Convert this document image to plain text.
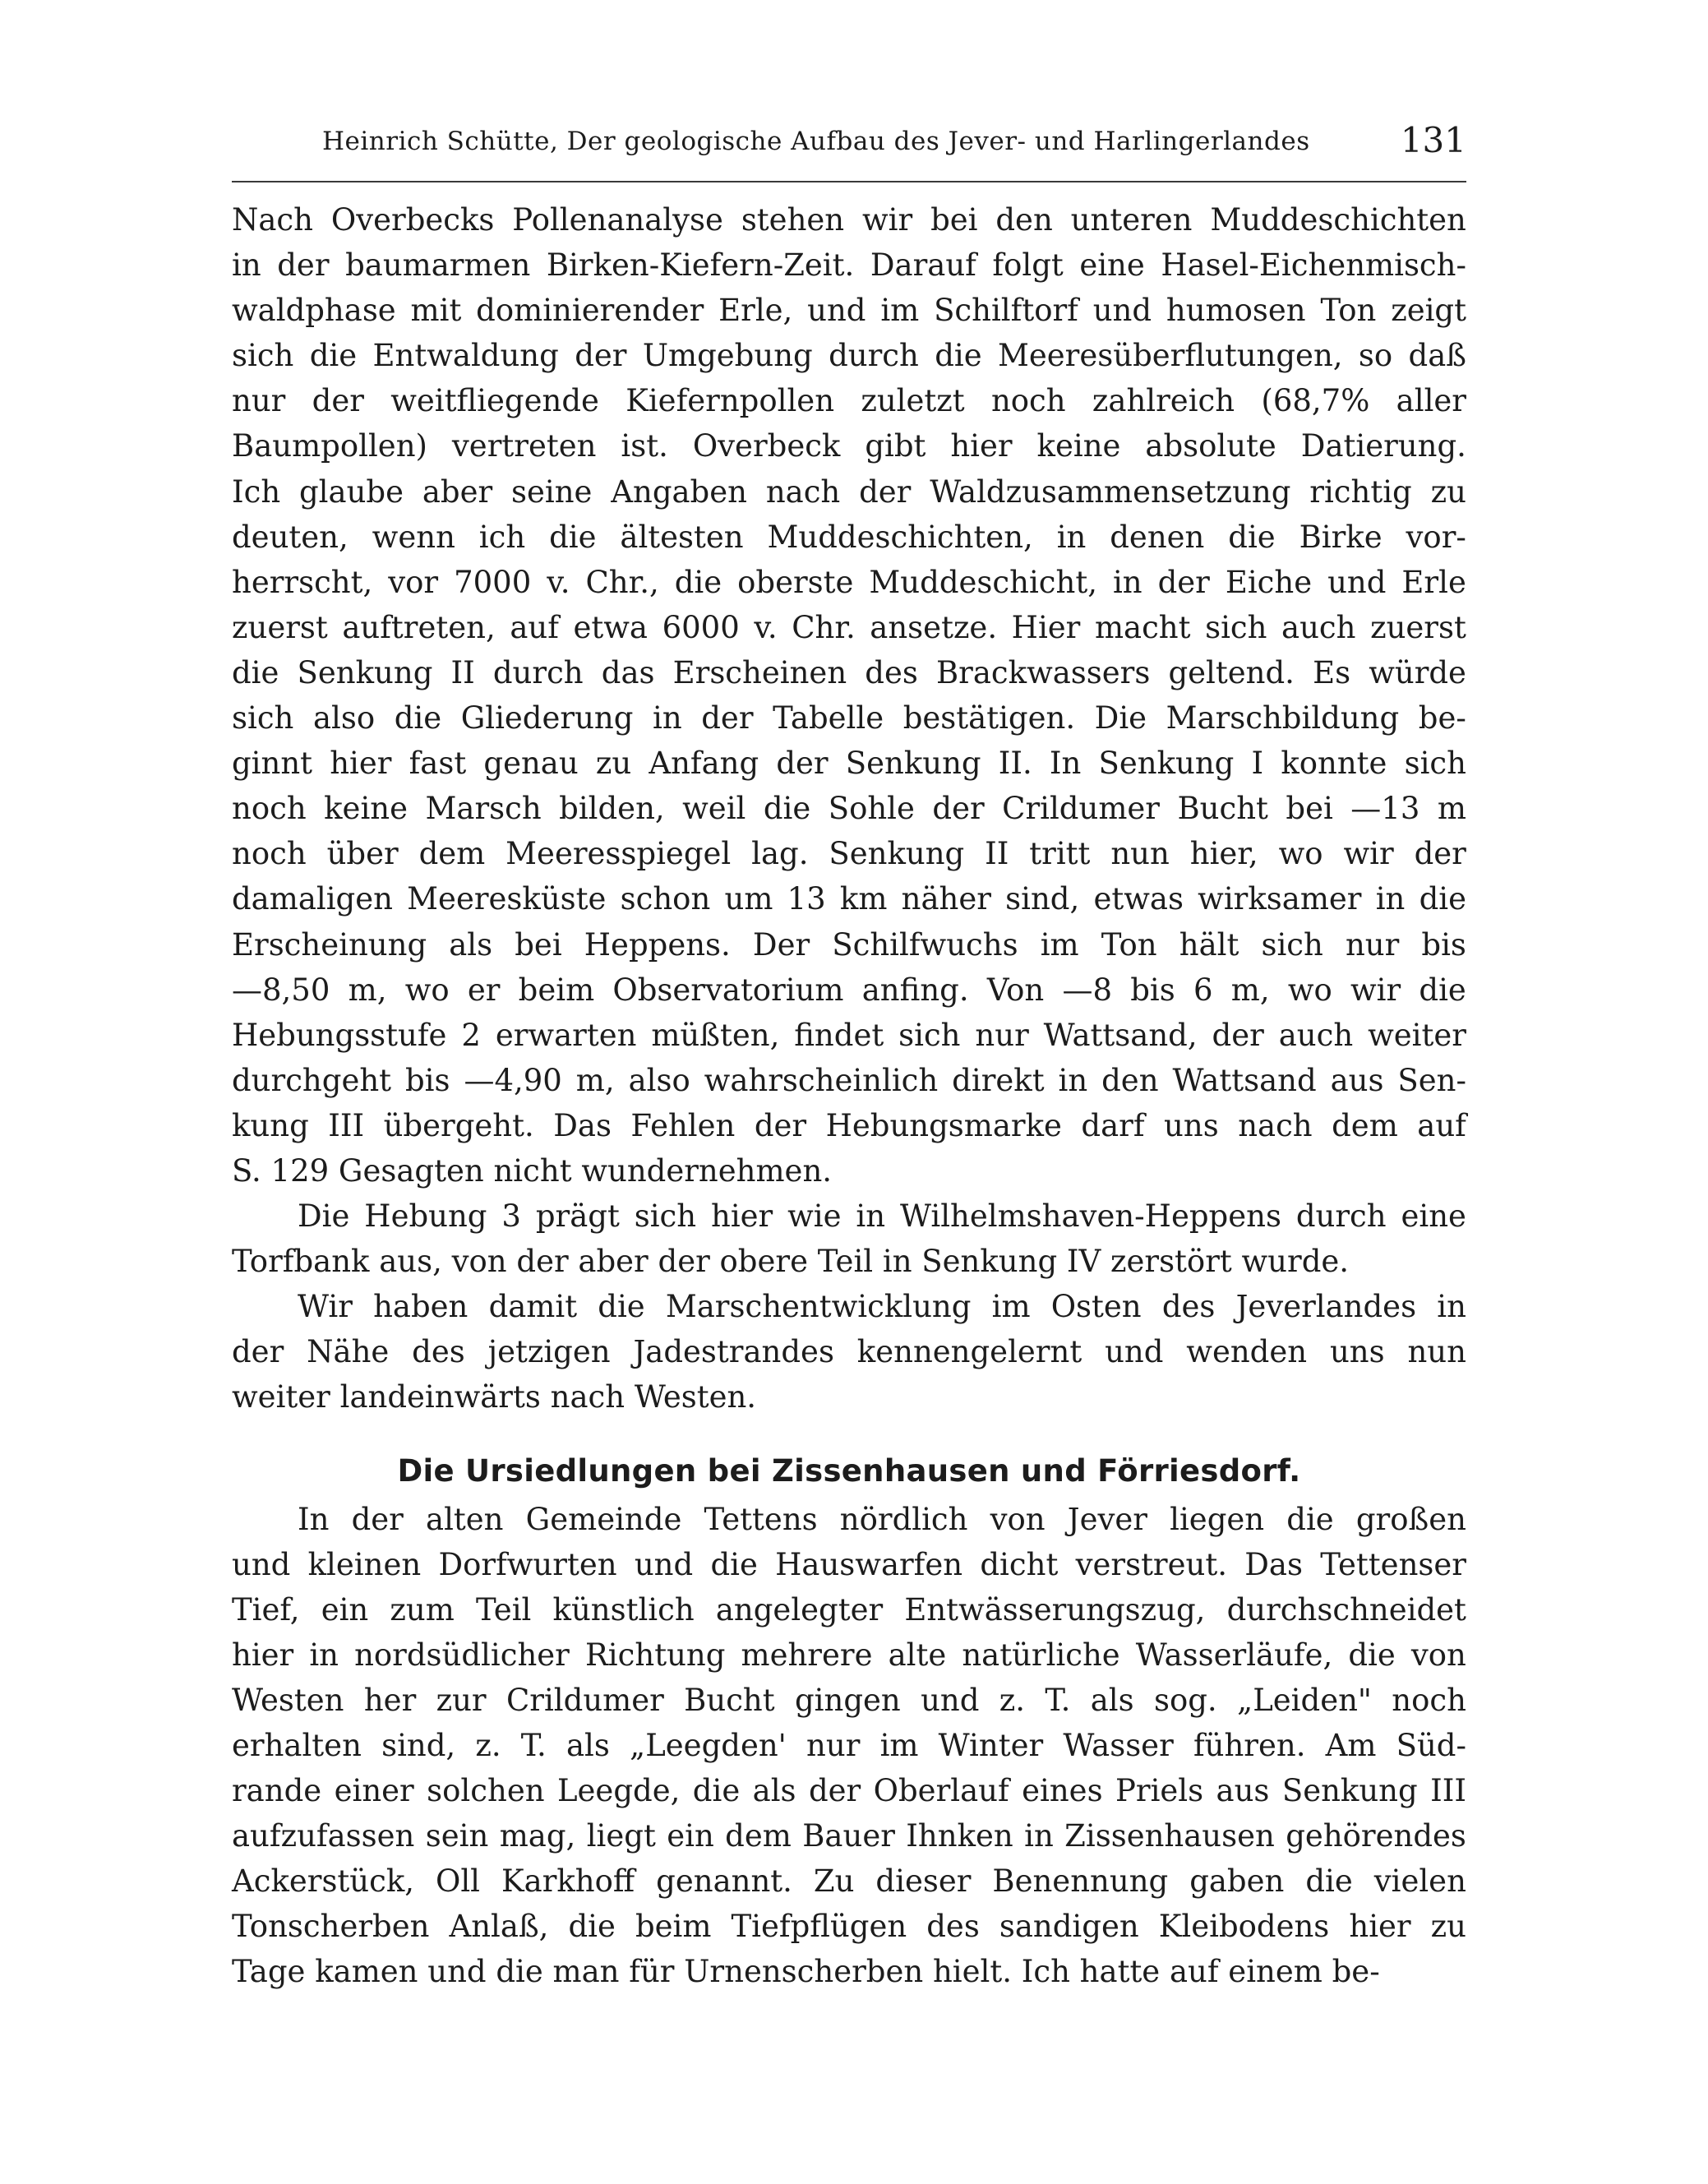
Heinrich Schütte, Der geologische Aufbau des Jever- und Harlingerlandes	131
Nach Overbecks Pollenanalyse stehen wir bei den unteren Muddeschichten
in der baumarmen Birken-Kiefern-Zeit. Darauf folgt eine Hasel-Eichenmisch-
waldphase mit dominierender Erle, und im Schilftorf und humosen Ton zeigt
sich die Entwaldung der Umgebung durch die Meeresüberflutungen, so daß
nur der weitfliegende Kiefernpollen zuletzt noch zahlreich (68,7% aller
Baumpollen) vertreten ist. Overbeck gibt hier keine absolute Datierung.
Ich glaube aber seine Angaben nach der Waldzusammensetzung richtig zu
deuten, wenn ich die ältesten Muddeschichten, in denen die Birke vor-
herrscht, vor 7000 v. Chr., die oberste Muddeschicht, in der Eiche und Erle
zuerst auftreten, auf etwa 6000 v. Chr. ansetze. Hier macht sich auch zuerst
die Senkung II durch das Erscheinen des Brackwassers geltend. Es würde
sich also die Gliederung in der Tabelle bestätigen. Die Marschbildung be-
ginnt hier fast genau zu Anfang der Senkung II. In Senkung I konnte sich
noch keine Marsch bilden, weil die Sohle der Crildumer Bucht bei —13 m
noch über dem Meeresspiegel lag. Senkung II tritt nun hier, wo wir der
damaligen Meeresküste schon um 13 km näher sind, etwas wirksamer in die
Erscheinung als bei Heppens. Der Schilfwuchs im Ton hält sich nur bis
—8,50 m, wo er beim Observatorium anfing. Von —8 bis 6 m, wo wir die
Hebungsstufe 2 erwarten müßten, findet sich nur Wattsand, der auch weiter
durchgeht bis —4,90 m, also wahrscheinlich direkt in den Wattsand aus Sen-
kung III übergeht. Das Fehlen der Hebungsmarke darf uns nach dem auf
S. 129 Gesagten nicht wundernehmen.
Die Hebung 3 prägt sich hier wie in Wilhelmshaven-Heppens durch eine
Torfbank aus, von der aber der obere Teil in Senkung IV zerstört wurde.
Wir haben damit die Marschentwicklung im Osten des Jeverlandes in
der Nähe des jetzigen Jadestrandes kennengelernt und wenden uns nun
weiter landeinwärts nach Westen.
Die Ursiedlungen bei Zissenhausen und Förriesdorf.
In der alten Gemeinde Tettens nördlich von Jever liegen die großen
und kleinen Dorfwurten und die Hauswarfen dicht verstreut. Das Tettenser
Tief, ein zum Teil künstlich angelegter Entwässerungszug, durchschneidet
hier in nordsüdlicher Richtung mehrere alte natürliche Wasserläufe, die von
Westen her zur Crildumer Bucht gingen und z. T. als sog. „Leiden" noch
erhalten sind, z. T. als „Leegden' nur im Winter Wasser führen. Am Süd-
rande einer solchen Leegde, die als der Oberlauf eines Priels aus Senkung III
aufzufassen sein mag, liegt ein dem Bauer Ihnken in Zissenhausen gehörendes
Ackerstück, Oll Karkhoff genannt. Zu dieser Benennung gaben die vielen
Tonscherben Anlaß, die beim Tiefpflügen des sandigen Kleibodens hier zu
Tage kamen und die man für Urnenscherben hielt. Ich hatte auf einem be-
